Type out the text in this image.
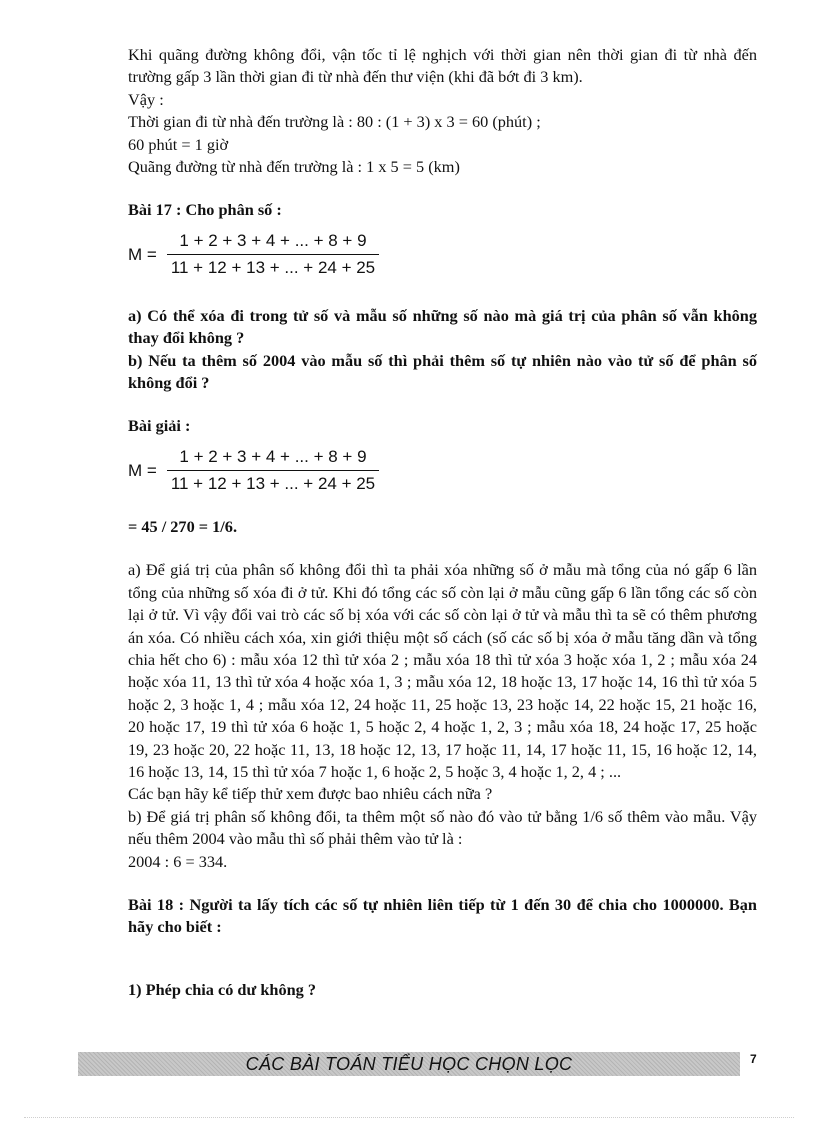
Khi quãng đường không đổi, vận tốc tỉ lệ nghịch với thời gian nên thời gian đi từ nhà đến trường gấp 3 lần thời gian đi từ nhà đến thư viện (khi đã bớt đi 3 km).

Vậy :

Thời gian đi từ nhà đến trường là : 80 : (1 + 3) x 3 = 60 (phút) ;

60 phút = 1 giờ

Quãng đường từ nhà đến trường là : 1 x 5 = 5 (km)

Bài 17 : Cho phân số :

$M = \frac{1 + 2 + 3 + 4 + ... + 8 + 9}{11 + 12 + 13 + ... + 24 + 25}$

a) Có thể xóa đi trong tử số và mẫu số những số nào mà giá trị của phân số vẫn không thay đổi không ?

b) Nếu ta thêm số 2004 vào mẫu số thì phải thêm số tự nhiên nào vào tử số để phân số không đổi ?

Bài giải :

$M = \frac{1 + 2 + 3 + 4 + ... + 8 + 9}{11 + 12 + 13 + ... + 24 + 25}$

= 45 / 270 = 1/6.

a) Để giá trị của phân số không đổi thì ta phải xóa những số ở mẫu mà tổng của nó gấp 6 lần tổng của những số xóa đi ở tử. Khi đó tổng các số còn lại ở mẫu cũng gấp 6 lần tổng các số còn lại ở tử. Vì vậy đổi vai trò các số bị xóa với các số còn lại ở tử và mẫu thì ta sẽ có thêm phương án xóa. Có nhiều cách xóa, xin giới thiệu một số cách (số các số bị xóa ở mẫu tăng dần và tổng chia hết cho 6) : mẫu xóa 12 thì tử xóa 2 ; mẫu xóa 18 thì tử xóa 3 hoặc xóa 1, 2 ; mẫu xóa 24 hoặc xóa 11, 13 thì tử xóa 4 hoặc xóa 1, 3 ; mẫu xóa 12, 18 hoặc 13, 17 hoặc 14, 16 thì tử xóa 5 hoặc 2, 3 hoặc 1, 4 ; mẫu xóa 12, 24 hoặc 11, 25 hoặc 13, 23 hoặc 14, 22 hoặc 15, 21 hoặc 16, 20 hoặc 17, 19 thì tử xóa 6 hoặc 1, 5 hoặc 2, 4 hoặc 1, 2, 3 ; mẫu xóa 18, 24 hoặc 17, 25 hoặc 19, 23 hoặc 20, 22 hoặc 11, 13, 18 hoặc 12, 13, 17 hoặc 11, 14, 17 hoặc 11, 15, 16 hoặc 12, 14, 16 hoặc 13, 14, 15 thì tử xóa 7 hoặc 1, 6 hoặc 2, 5 hoặc 3, 4 hoặc 1, 2, 4 ; ...

Các bạn hãy kể tiếp thử xem được bao nhiêu cách nữa ?

b) Để giá trị phân số không đổi, ta thêm một số nào đó vào tử bằng 1/6 số thêm vào mẫu. Vậy nếu thêm 2004 vào mẫu thì số phải thêm vào tử là :

2004 : 6 = 334.

Bài 18 : Người ta lấy tích các số tự nhiên liên tiếp từ 1 đến 30 để chia cho 1000000. Bạn hãy cho biết :

1) Phép chia có dư không ?

CÁC BÀI TOÁN TIỂU HỌC CHỌN LỌC	7
